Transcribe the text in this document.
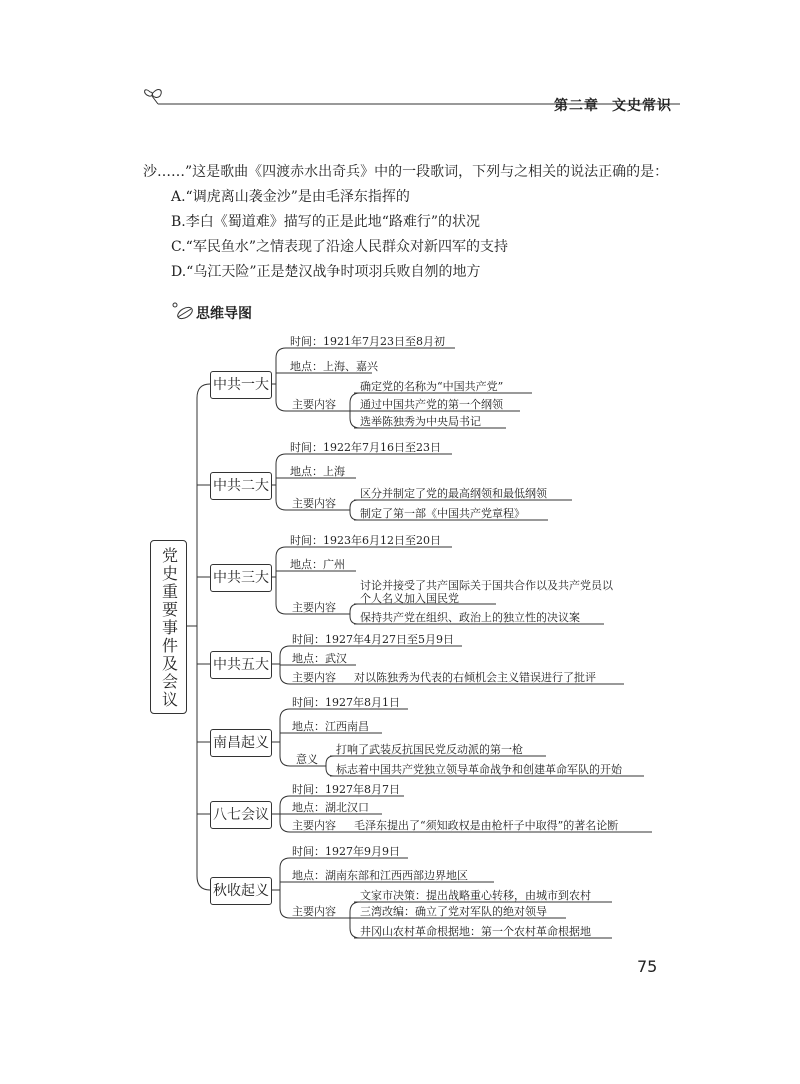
第二章 文史常识
沙……”这是歌曲《四渡赤水出奇兵》中的一段歌词，下列与之相关的说法正确的是：
A.“调虎离山袭金沙”是由毛泽东指挥的
B.李白《蜀道难》描写的正是此地“路难行”的状况
C.“军民鱼水”之情表现了沿途人民群众对新四军的支持
D.“乌江天险”正是楚汉战争时项羽兵败自刎的地方
思维导图
党史重要事件及会议
中共一大
中共二大
中共三大
中共五大
南昌起义
八七会议
秋收起义
时间：1921年7月23日至8月初
地点：上海、嘉兴
主要内容
确定党的名称为“中国共产党”
通过中国共产党的第一个纲领
选举陈独秀为中央局书记
时间：1922年7月16日至23日
地点：上海
主要内容
区分并制定了党的最高纲领和最低纲领
制定了第一部《中国共产党章程》
时间：1923年6月12日至20日
地点：广州
主要内容
讨论并接受了共产国际关于国共合作以及共产党员以
个人名义加入国民党
保持共产党在组织、政治上的独立性的决议案
时间：1927年4月27日至5月9日
地点：武汉
主要内容 对以陈独秀为代表的右倾机会主义错误进行了批评
时间：1927年8月1日
地点：江西南昌
意义
打响了武装反抗国民党反动派的第一枪
标志着中国共产党独立领导革命战争和创建革命军队的开始
时间：1927年8月7日
地点：湖北汉口
主要内容 毛泽东提出了“须知政权是由枪杆子中取得”的著名论断
时间：1927年9月9日
地点：湖南东部和江西西部边界地区
主要内容
文家市决策：提出战略重心转移，由城市到农村
三湾改编：确立了党对军队的绝对领导
井冈山农村革命根据地：第一个农村革命根据地
75
